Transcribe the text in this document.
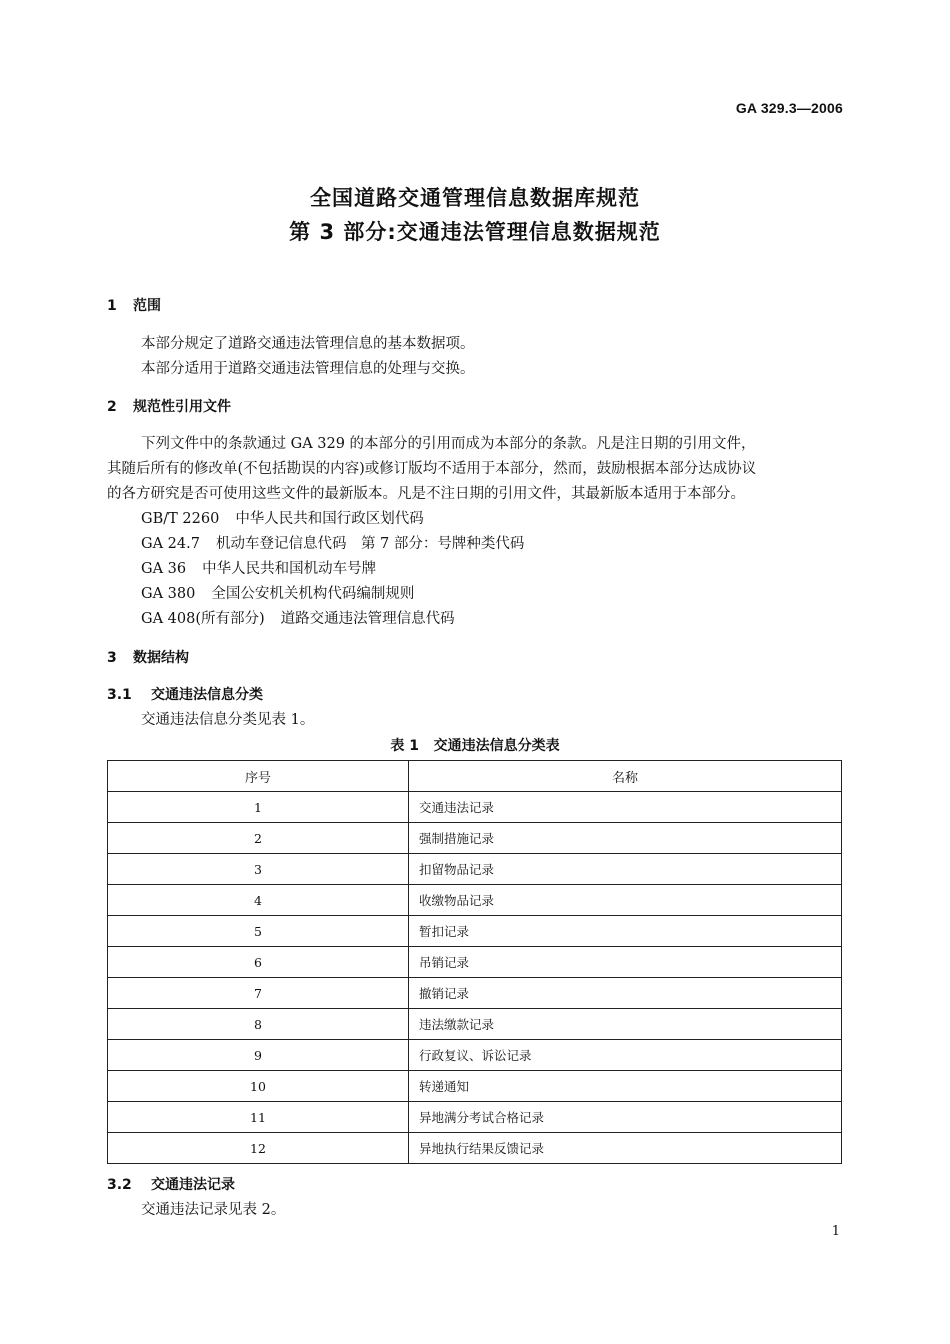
GA 329.3—2006
全国道路交通管理信息数据库规范
第 3 部分:交通违法管理信息数据规范
1 范围
本部分规定了道路交通违法管理信息的基本数据项。
本部分适用于道路交通违法管理信息的处理与交换。
2 规范性引用文件
下列文件中的条款通过 GA 329 的本部分的引用而成为本部分的条款。凡是注日期的引用文件，
其随后所有的修改单(不包括勘误的内容)或修订版均不适用于本部分，然而，鼓励根据本部分达成协议
的各方研究是否可使用这些文件的最新版本。凡是不注日期的引用文件，其最新版本适用于本部分。
GB/T 2260 中华人民共和国行政区划代码
GA 24.7 机动车登记信息代码　第 7 部分：号牌种类代码
GA 36 中华人民共和国机动车号牌
GA 380 全国公安机关机构代码编制规则
GA 408(所有部分) 道路交通违法管理信息代码
3 数据结构
3.1 交通违法信息分类
交通违法信息分类见表 1。
表 1 交通违法信息分类表
序号	名称
1	交通违法记录
2	强制措施记录
3	扣留物品记录
4	收缴物品记录
5	暂扣记录
6	吊销记录
7	撤销记录
8	违法缴款记录
9	行政复议、诉讼记录
10	转递通知
11	异地满分考试合格记录
12	异地执行结果反馈记录
3.2 交通违法记录
交通违法记录见表 2。
1
